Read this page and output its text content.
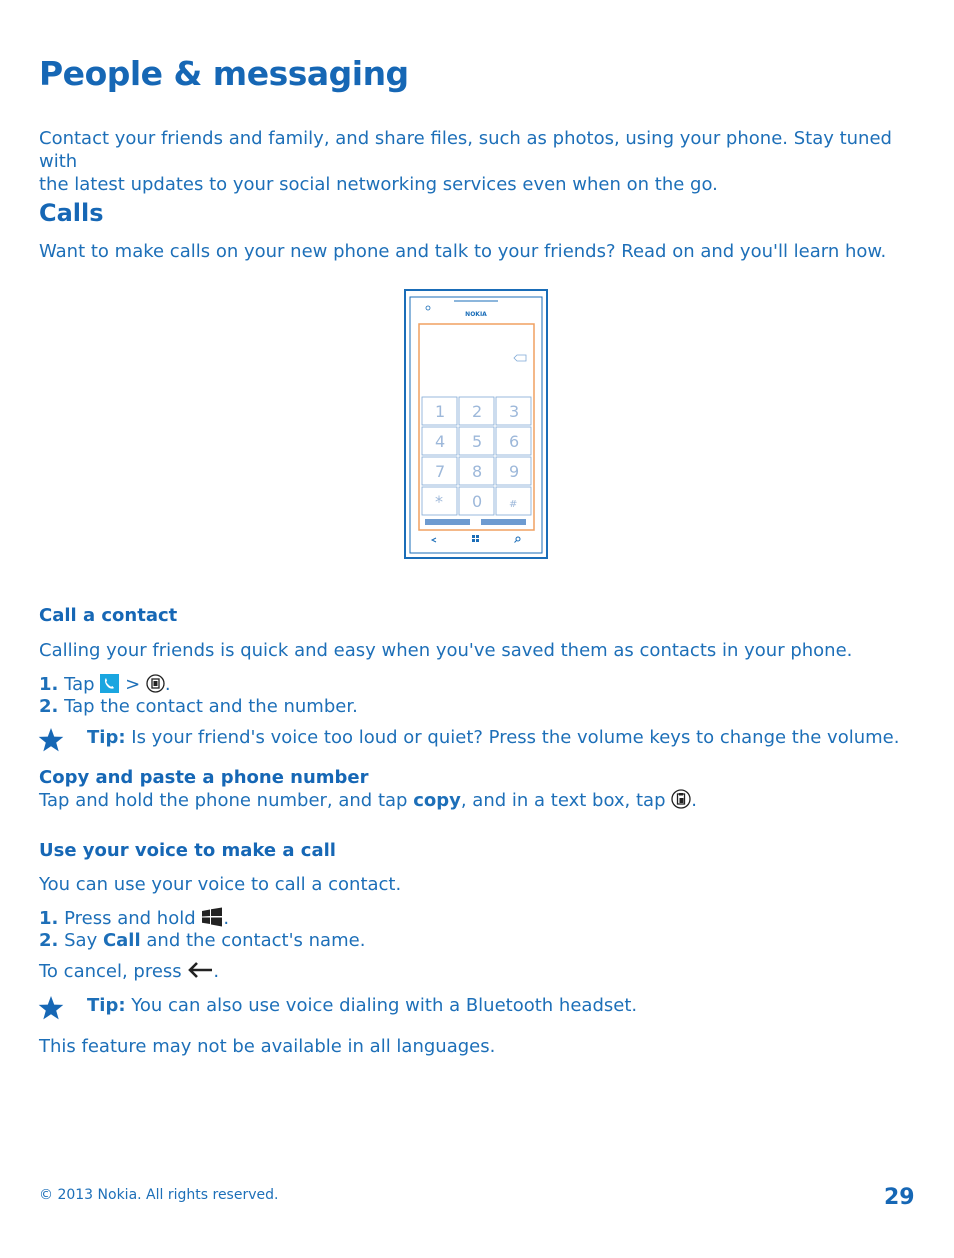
People & messaging
Contact your friends and family, and share files, such as photos, using your phone. Stay tuned with
the latest updates to your social networking services even when on the go.
Calls
Want to make calls on your new phone and talk to your friends? Read on and you'll learn how.
NOKIA
1 2 3
4 5 6
7 8 9
* 0	#
Call a contact
Calling your friends is quick and easy when you've saved them as contacts in your phone.
1. Tap > .
2. Tap the contact and the number.
Tip: Is your friend's voice too loud or quiet? Press the volume keys to change the volume.
Copy and paste a phone number
Tap and hold the phone number, and tap copy, and in a text box, tap .
Use your voice to make a call
You can use your voice to call a contact.
1. Press and hold .
2. Say Call and the contact's name.
To cancel, press .
Tip: You can also use voice dialing with a Bluetooth headset.
This feature may not be available in all languages.
© 2013 Nokia. All rights reserved.	29
